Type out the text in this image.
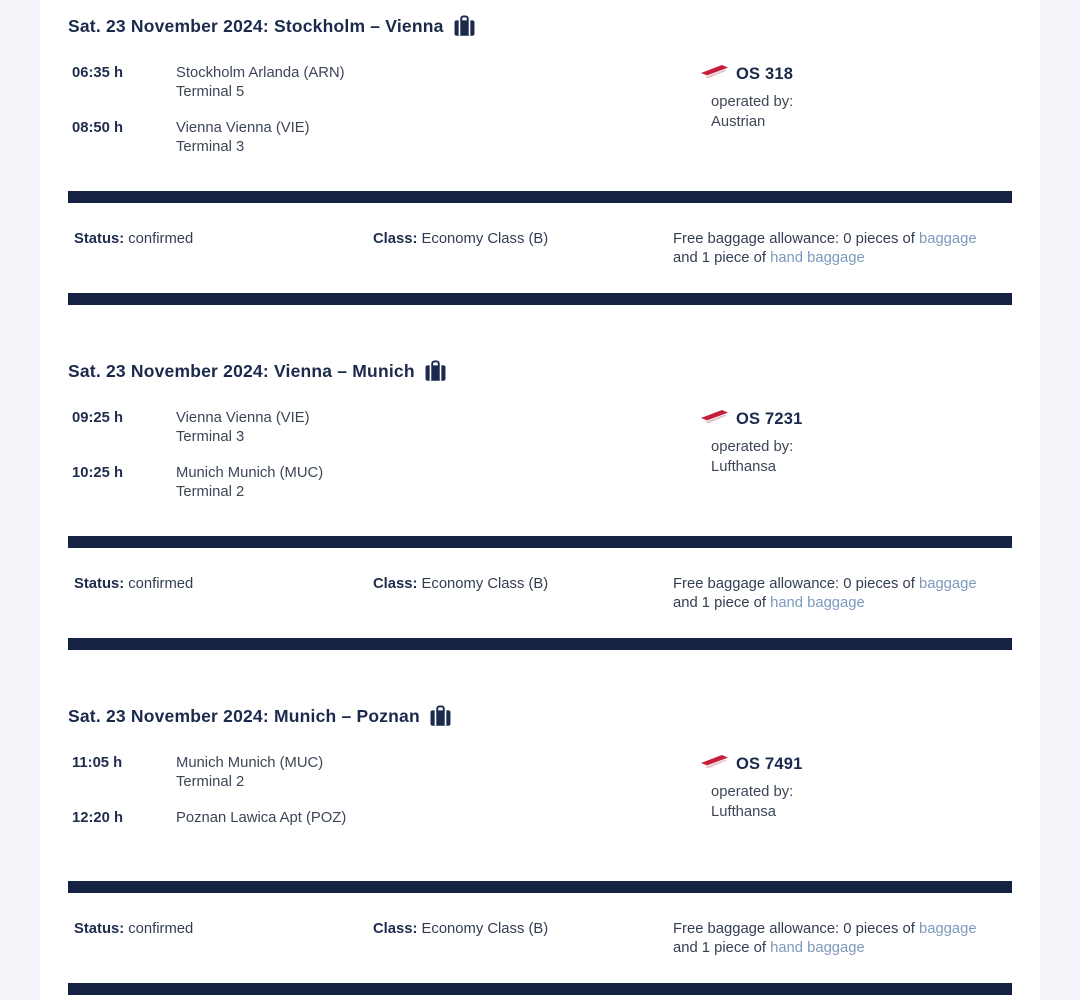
Sat. 23 November 2024: Stockholm – Vienna
06:35 h	Stockholm Arlanda (ARN)
Terminal 5
08:50 h	Vienna Vienna (VIE)
Terminal 3
OS 318
operated by:
Austrian
Status: confirmed	Class: Economy Class (B)	Free baggage allowance: 0 pieces of baggage and 1 piece of hand baggage
Sat. 23 November 2024: Vienna – Munich
09:25 h	Vienna Vienna (VIE)
Terminal 3
10:25 h	Munich Munich (MUC)
Terminal 2
OS 7231
operated by:
Lufthansa
Status: confirmed	Class: Economy Class (B)	Free baggage allowance: 0 pieces of baggage and 1 piece of hand baggage
Sat. 23 November 2024: Munich – Poznan
11:05 h	Munich Munich (MUC)
Terminal 2
12:20 h	Poznan Lawica Apt (POZ)
OS 7491
operated by:
Lufthansa
Status: confirmed	Class: Economy Class (B)	Free baggage allowance: 0 pieces of baggage and 1 piece of hand baggage
